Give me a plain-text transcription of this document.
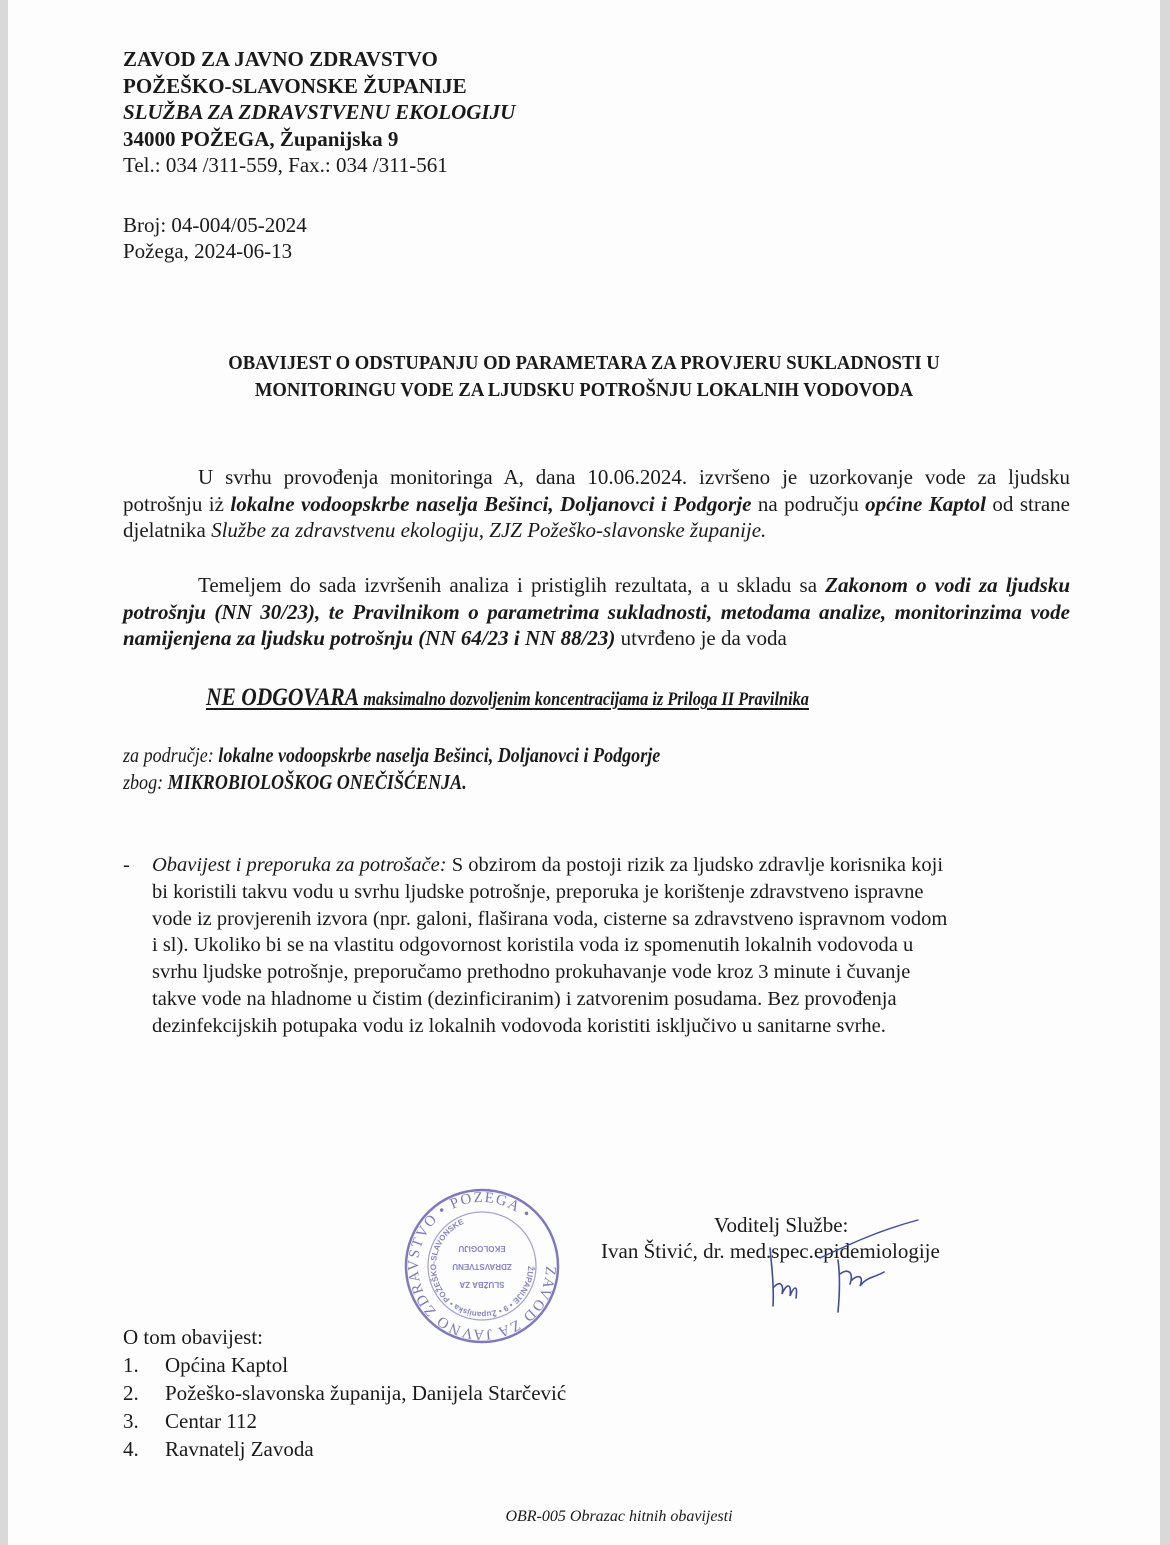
ZAVOD ZA JAVNO ZDRAVSTVO
POŽEŠKO-SLAVONSKE ŽUPANIJE
SLUŽBA ZA ZDRAVSTVENU EKOLOGIJU
34000 POŽEGA, Županijska 9
Tel.: 034 /311-559, Fax.: 034 /311-561
Broj: 04-004/05-2024
Požega, 2024-06-13
OBAVIJEST O ODSTUPANJU OD PARAMETARA ZA PROVJERU SUKLADNOSTI U
MONITORINGU VODE ZA LJUDSKU POTROŠNJU LOKALNIH VODOVODA
U svrhu provođenja monitoringa A, dana 10.06.2024. izvršeno je uzorkovanje vode za ljudsku potrošnju iż lokalne vodoopskrbe naselja Bešinci, Doljanovci i Podgorje na području općine Kaptol od strane djelatnika Službe za zdravstvenu ekologiju, ZJZ Požeško-slavonske županije.
Temeljem do sada izvršenih analiza i pristiglih rezultata, a u skladu sa Zakonom o vodi za ljudsku potrošnju (NN 30/23), te Pravilnikom o parametrima sukladnosti, metodama analize, monitorinzima vode namijenjena za ljudsku potrošnju (NN 64/23 i NN 88/23) utvrđeno je da voda
NE ODGOVARA maksimalno dozvoljenim koncentracijama iz Priloga II Pravilnika
za područje: lokalne vodoopskrbe naselja Bešinci, Doljanovci i Podgorje
zbog: MIKROBIOLOŠKOG ONEČIŠĆENJA.
- Obavijest i preporuka za potrošače: S obzirom da postoji rizik za ljudsko zdravlje korisnika koji
bi koristili takvu vodu u svrhu ljudske potrošnje, preporuka je korištenje zdravstveno ispravne
vode iz provjerenih izvora (npr. galoni, flaširana voda, cisterne sa zdravstveno ispravnom vodom
i sl). Ukoliko bi se na vlastitu odgovornost koristila voda iz spomenutih lokalnih vodovoda u
svrhu ljudske potrošnje, preporučamo prethodno prokuhavanje vode kroz 3 minute i čuvanje
takve vode na hladnome u čistim (dezinficiranim) i zatvorenim posudama. Bez provođenja
dezinfekcijskih potupaka vodu iz lokalnih vodovoda koristiti isključivo u sanitarne svrhe.
ZAVOD ZA JAVNO ZDRAVSTVO • POŽEGA •
ŽUPANIJE • 9 • Županijska • POŽEŠKO-SLAVONSKE
SLUŽBA ZA
ZDRAVSTVENU
EKOLOGIJU
Voditelj Službe:
Ivan Štivić, dr. med.spec.epidemiologije
O tom obavijest:
1. Općina Kaptol
2. Požeško-slavonska županija, Danijela Starčević
3. Centar 112
4. Ravnatelj Zavoda
OBR-005 Obrazac hitnih obavijesti
